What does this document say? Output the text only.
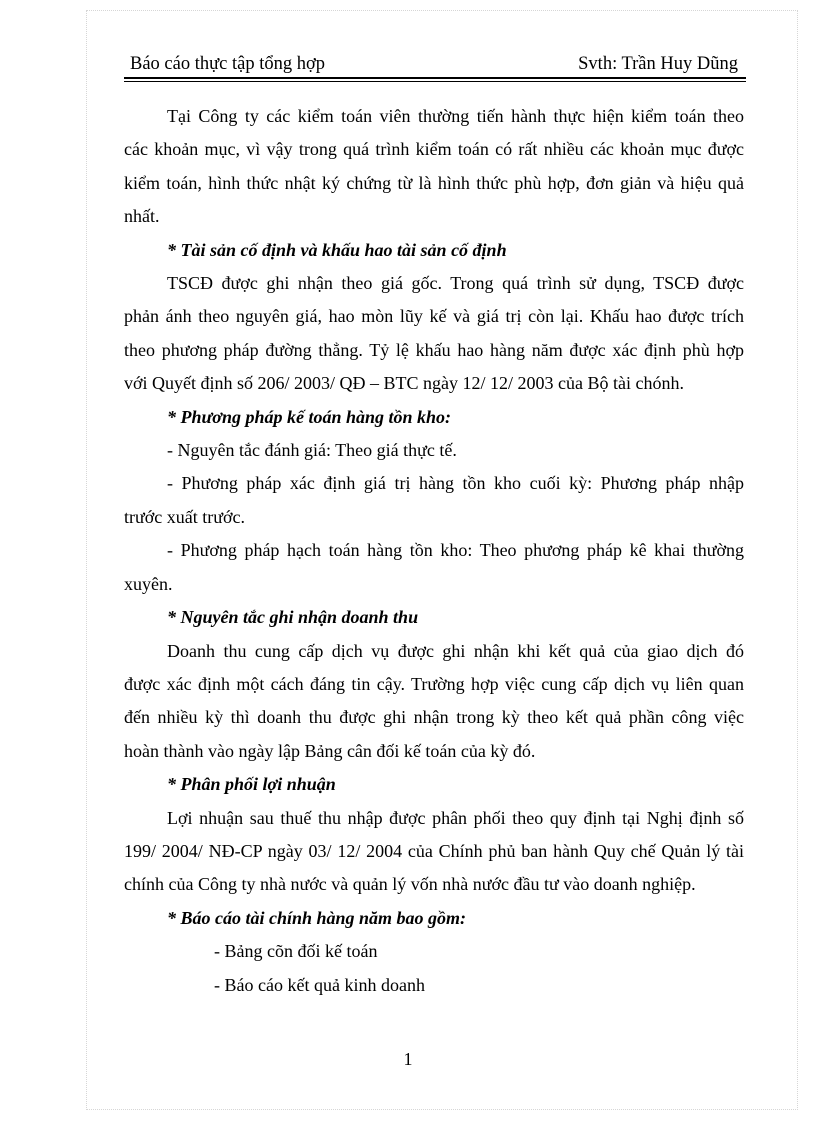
Báo cáo thực tập tổng hợp	Svth: Trần Huy Dũng

Tại Công ty các kiểm toán viên thường tiến hành thực hiện kiểm toán theo

các khoản mục, vì vậy trong quá trình kiểm toán có rất nhiều các khoản mục được

kiểm toán, hình thức nhật ký chứng từ là hình thức phù hợp, đơn giản và hiệu quả

nhất.

* Tài sản cố định và khấu hao tài sản cố định

TSCĐ được ghi nhận theo giá gốc. Trong quá trình sử dụng, TSCĐ được

phản ánh theo nguyên giá, hao mòn lũy kế và giá trị còn lại. Khấu hao được trích

theo phương pháp đường thẳng. Tỷ lệ khấu hao hàng năm được xác định phù hợp

với Quyết định số 206/ 2003/ QĐ – BTC ngày 12/ 12/ 2003 của Bộ tài chónh.

* Phương pháp kế toán hàng tồn kho:

- Nguyên tắc đánh giá: Theo giá thực tế.

- Phương pháp xác định giá trị hàng tồn kho cuối kỳ: Phương pháp nhập

trước xuất trước.

- Phương pháp hạch toán hàng tồn kho: Theo phương pháp kê khai thường

xuyên.

* Nguyên tắc ghi nhận doanh thu

Doanh thu cung cấp dịch vụ được ghi nhận khi kết quả của giao dịch đó

được xác định một cách đáng tin cậy. Trường hợp việc cung cấp dịch vụ liên quan

đến nhiều kỳ thì doanh thu được ghi nhận trong kỳ theo kết quả phần công việc

hoàn thành vào ngày lập Bảng cân đối kế toán của kỳ đó.

* Phân phối lợi nhuận

Lợi nhuận sau thuế thu nhập được phân phối theo quy định tại Nghị định số

199/ 2004/ NĐ-CP ngày 03/ 12/ 2004 của Chính phủ ban hành Quy chế Quản lý tài

chính của Công ty nhà nước và quản lý vốn nhà nước đầu tư vào doanh nghiệp.

* Báo cáo tài chính hàng năm bao gồm:

- Bảng cõn đối kế toán

- Báo cáo kết quả kinh doanh

1
